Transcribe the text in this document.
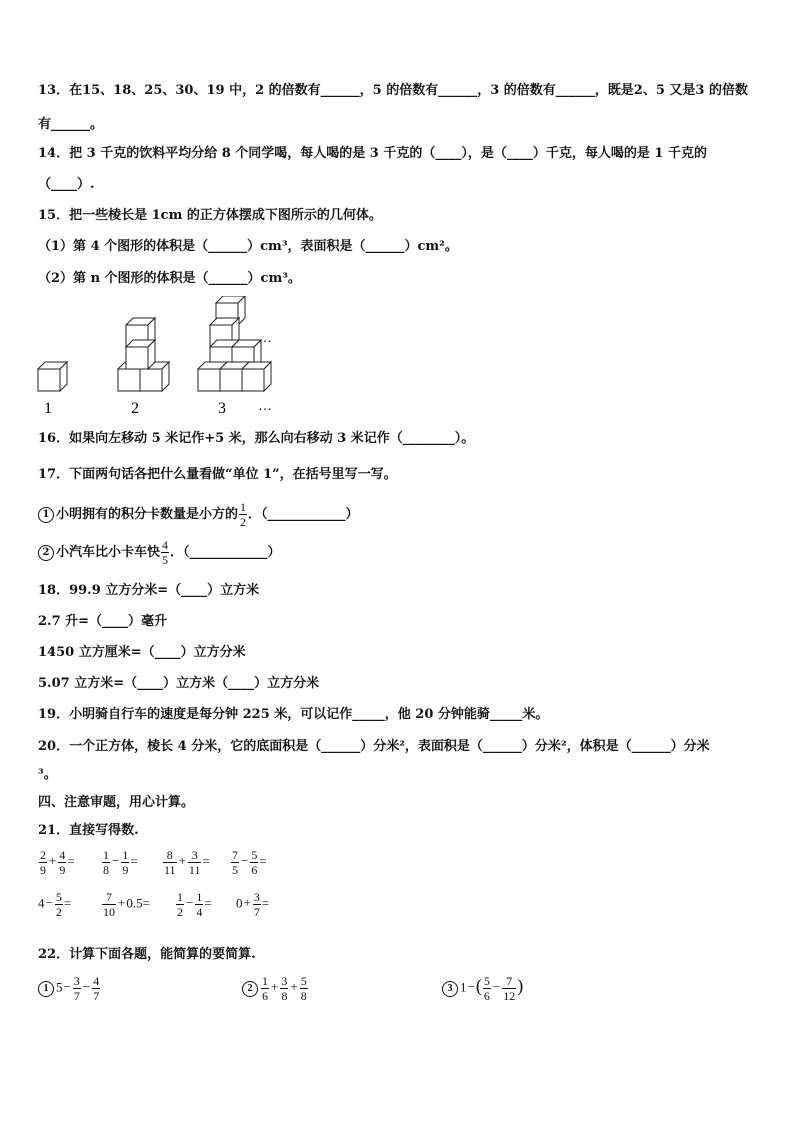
13．在15、18、25、30、19 中，2 的倍数有______，5 的倍数有______，3 的倍数有______，既是2、5 又是3 的倍数
有______。
14．把 3 千克的饮料平均分给 8 个同学喝，每人喝的是 3 千克的（____），是（____）千克，每人喝的是 1 千克的
（____）.
15．把一些棱长是 1cm 的正方体摆成下图所示的几何体。
（1）第 4 个图形的体积是（______）cm³，表面积是（______）cm²。
（2）第 n 个图形的体积是（______）cm³。
1	2	3
…
…
16．如果向左移动 5 米记作+5 米，那么向右移动 3 米记作（________）。
17．下面两句话各把什么量看做“单位 1”，在括号里写一写。
1 小明拥有的积分卡数量是小方的 $\frac{1}{2}$ ．（____________）
2 小汽车比小卡车快 $\frac{4}{5}$ ．（____________）
18．99.9 立方分米=（____）立方米
2.7 升=（____）毫升
1450 立方厘米=（____）立方分米
5.07 立方米=（____）立方米（____）立方分米
19．小明骑自行车的速度是每分钟 225 米，可以记作_____，他 20 分钟能骑_____米。
20．一个正方体，棱长 4 分米，它的底面积是（______）分米²，表面积是（______）分米²，体积是（______）分米
³。
四、注意审题，用心计算。
21．直接写得数.
$\frac{2}{9} + \frac{4}{9} = \frac{1}{8} - \frac{1}{9} = \frac{8}{11} + \frac{3}{11} = \frac{7}{5} - \frac{5}{6}$ =
$4- \frac{5}{2}$ =	$\frac{7}{10} +0.5= \frac{1}{2} - \frac{1}{4} = 0+ \frac{3}{7}$ =
22．计算下面各题，能简算的要简算.
1 $5- \frac{3}{7} - \frac{4}{7}$	$2 \frac{1}{6} + \frac{3}{8} + \frac{5}{8}$	3 $1-( \frac{5}{6} - \frac{7}{12}$ )
